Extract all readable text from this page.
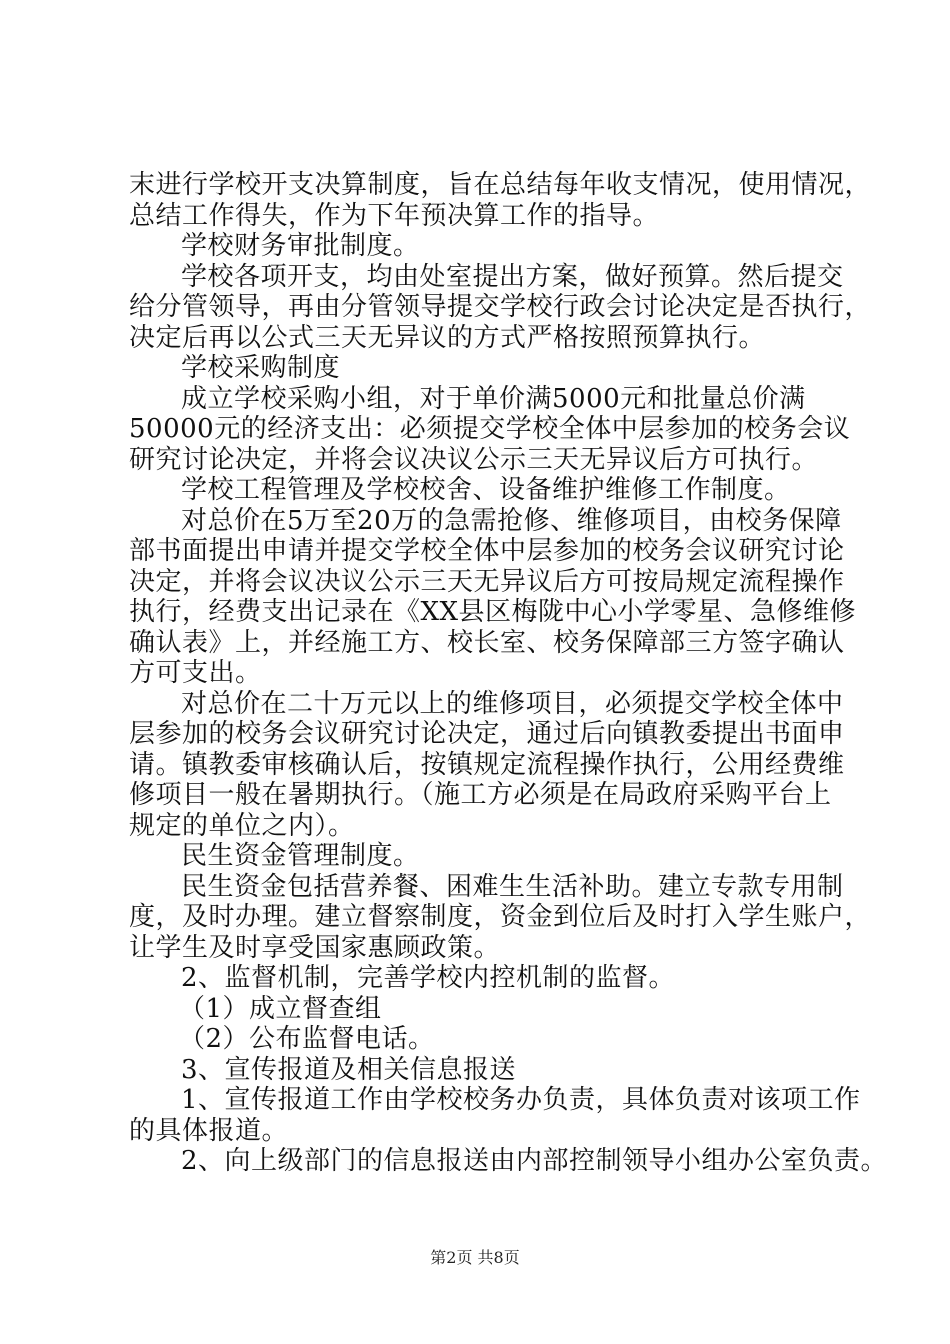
末进行学校开支决算制度，旨在总结每年收支情况，使用情况，
总结工作得失，作为下年预决算工作的指导。
学校财务审批制度。
学校各项开支，均由处室提出方案，做好预算。然后提交
给分管领导，再由分管领导提交学校行政会讨论决定是否执行，
决定后再以公式三天无异议的方式严格按照预算执行。
学校采购制度
成立学校采购小组，对于单价满5000元和批量总价满
50000元的经济支出：必须提交学校全体中层参加的校务会议
研究讨论决定，并将会议决议公示三天无异议后方可执行。
学校工程管理及学校校舍、设备维护维修工作制度。
对总价在5万至20万的急需抢修、维修项目，由校务保障
部书面提出申请并提交学校全体中层参加的校务会议研究讨论
决定，并将会议决议公示三天无异议后方可按局规定流程操作
执行，经费支出记录在《XX县区梅陇中心小学零星、急修维修
确认表》上，并经施工方、校长室、校务保障部三方签字确认
方可支出。
对总价在二十万元以上的维修项目，必须提交学校全体中
层参加的校务会议研究讨论决定，通过后向镇教委提出书面申
请。镇教委审核确认后，按镇规定流程操作执行，公用经费维
修项目一般在暑期执行。（施工方必须是在局政府采购平台上
规定的单位之内）。
民生资金管理制度。
民生资金包括营养餐、困难生生活补助。建立专款专用制
度，及时办理。建立督察制度，资金到位后及时打入学生账户，
让学生及时享受国家惠顾政策。
2、监督机制，完善学校内控机制的监督。
（1）成立督查组
（2）公布监督电话。
3、宣传报道及相关信息报送
1、宣传报道工作由学校校务办负责，具体负责对该项工作
的具体报道。
2、向上级部门的信息报送由内部控制领导小组办公室负责。
第2页 共8页
